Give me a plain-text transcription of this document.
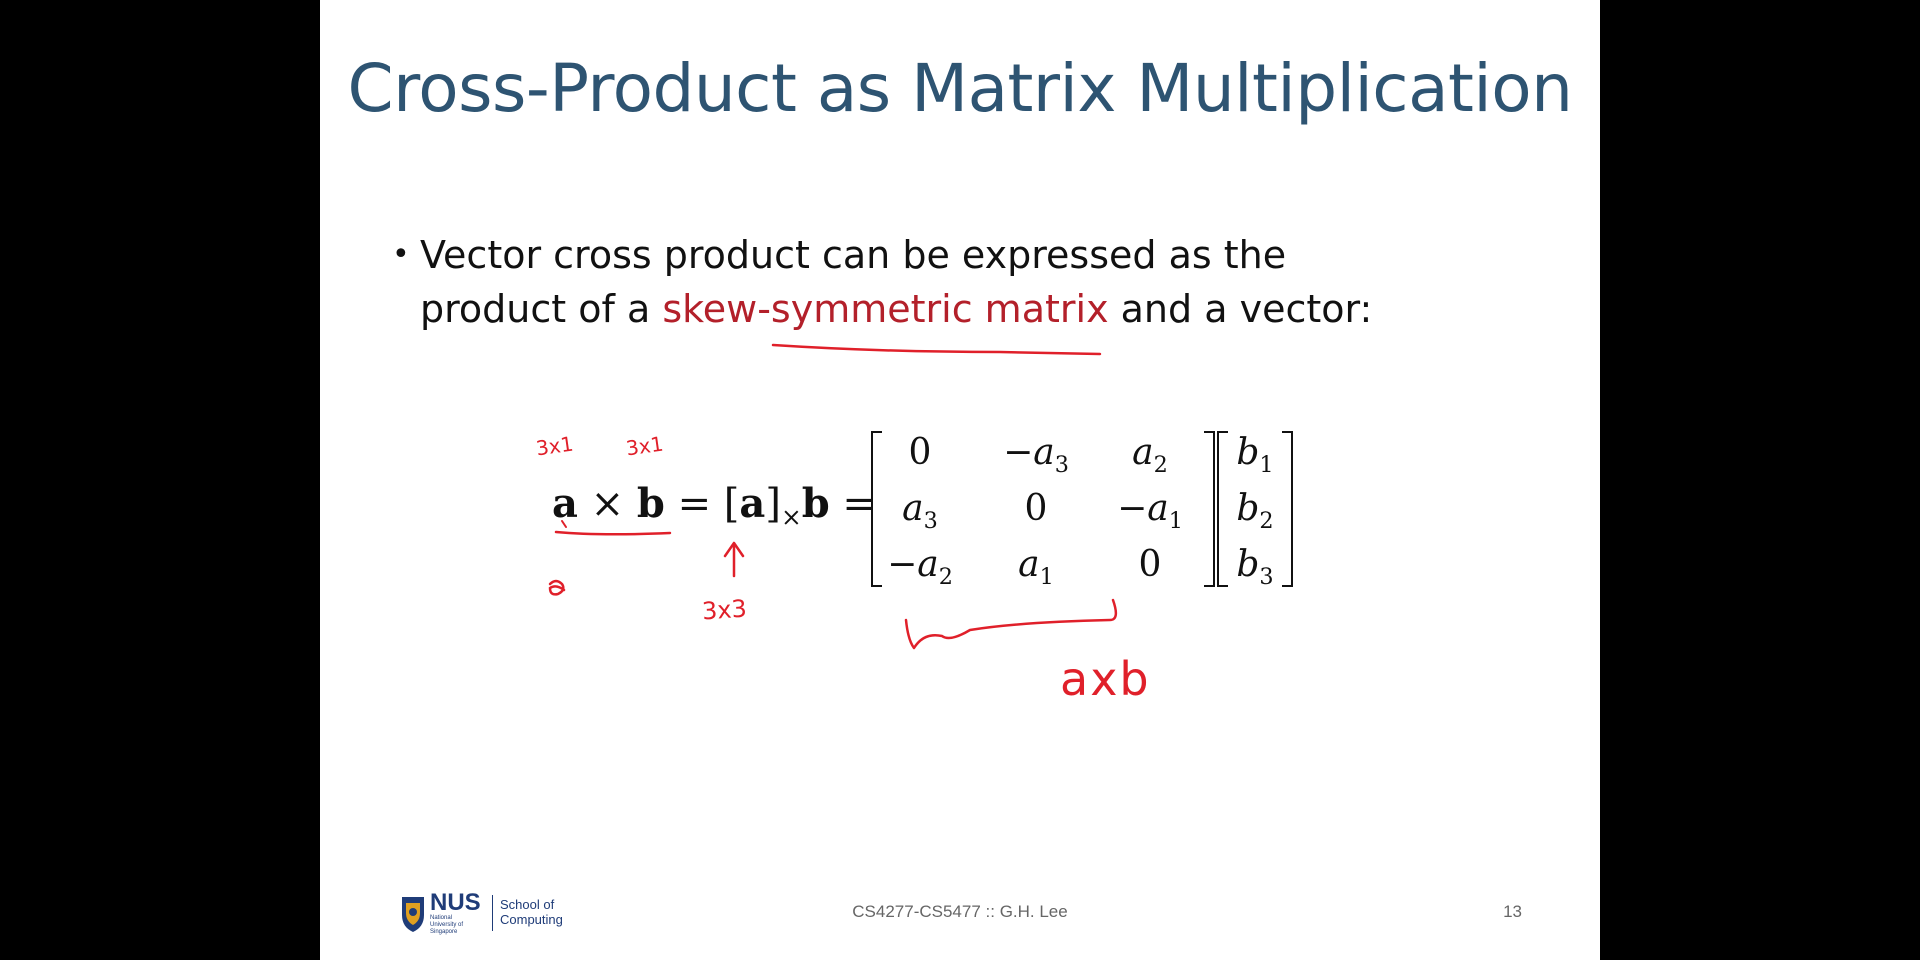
Cross-Product as Matrix Multiplication
• Vector cross product can be expressed as the
product of a skew-symmetric matrix and a vector:
$a \times b = [a]_\times b$ =
0	$-a_3$	$a_2$
$a_3$	0	$-a_1$
$-a_2$	$a_1$	0
$b_1$
$b_2$
$b_3$
3x1 3x1
3x3
axb
NUS
National University of Singapore
School of Computing	CS4277-CS5477 :: G.H. Lee	13
